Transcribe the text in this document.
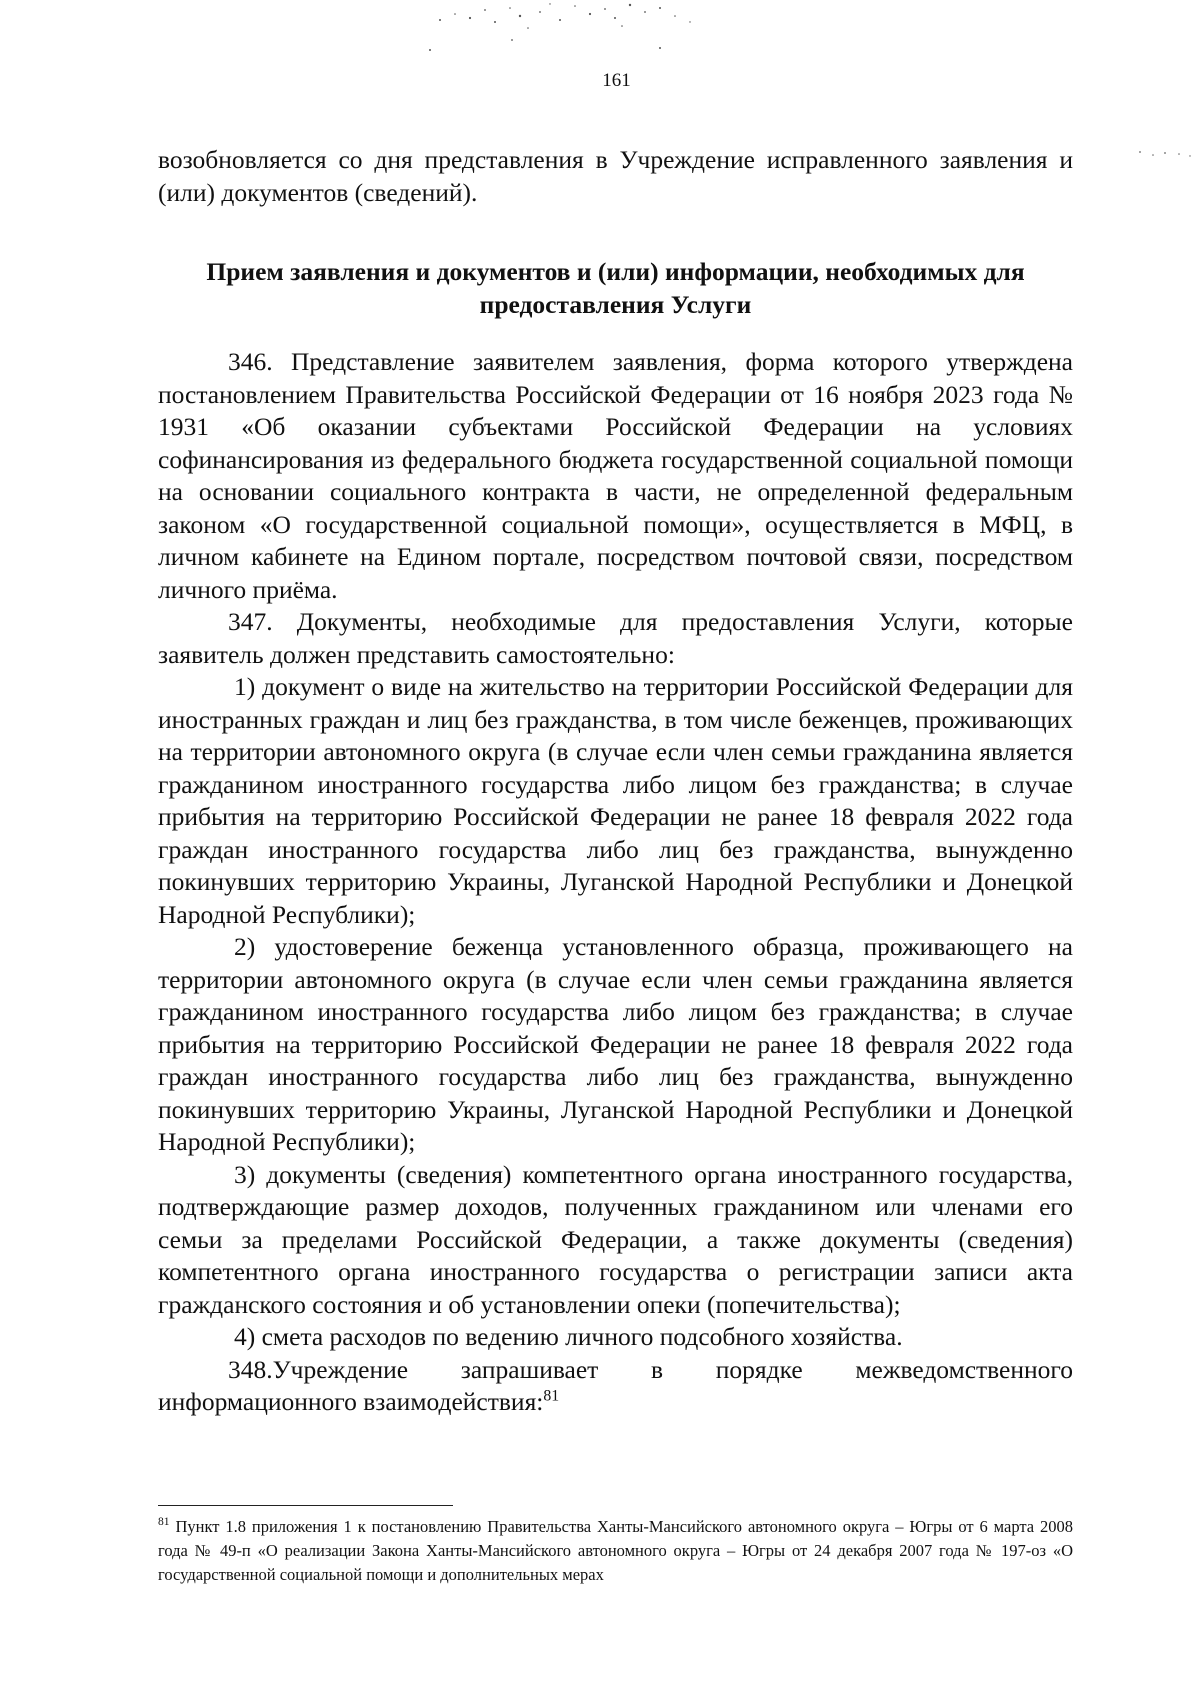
161

возобновляется со дня представления в Учреждение исправленного заявления и (или) документов (сведений).

Прием заявления и документов и (или) информации, необходимых для предоставления Услуги

346. Представление заявителем заявления, форма которого утверждена постановлением Правительства Российской Федерации от 16 ноября 2023 года № 1931 «Об оказании субъектами Российской Федерации на условиях софинансирования из федерального бюджета государственной социальной помощи на основании социального контракта в части, не определенной федеральным законом «О государственной социальной помощи», осуществляется в МФЦ, в личном кабинете на Едином портале, посредством почтовой связи, посредством личного приёма.

347. Документы, необходимые для предоставления Услуги, которые заявитель должен представить самостоятельно:

1) документ о виде на жительство на территории Российской Федерации для иностранных граждан и лиц без гражданства, в том числе беженцев, проживающих на территории автономного округа (в случае если член семьи гражданина является гражданином иностранного государства либо лицом без гражданства; в случае прибытия на территорию Российской Федерации не ранее 18 февраля 2022 года граждан иностранного государства либо лиц без гражданства, вынужденно покинувших территорию Украины, Луганской Народной Республики и Донецкой Народной Республики);

2) удостоверение беженца установленного образца, проживающего на территории автономного округа (в случае если член семьи гражданина является гражданином иностранного государства либо лицом без гражданства; в случае прибытия на территорию Российской Федерации не ранее 18 февраля 2022 года граждан иностранного государства либо лиц без гражданства, вынужденно покинувших территорию Украины, Луганской Народной Республики и Донецкой Народной Республики);

3) документы (сведения) компетентного органа иностранного государства, подтверждающие размер доходов, полученных гражданином или членами его семьи за пределами Российской Федерации, а также документы (сведения) компетентного органа иностранного государства о регистрации записи акта гражданского состояния и об установлении опеки (попечительства);

4) смета расходов по ведению личного подсобного хозяйства.

348.Учреждение запрашивает в порядке межведомственного информационного взаимодействия:$^{81}$

$^{81}$ Пункт 1.8 приложения 1 к постановлению Правительства Ханты-Мансийского автономного округа – Югры от 6 марта 2008 года № 49-п «О реализации Закона Ханты-Мансийского автономного округа – Югры от 24 декабря 2007 года № 197-оз «О государственной социальной помощи и дополнительных мерах
